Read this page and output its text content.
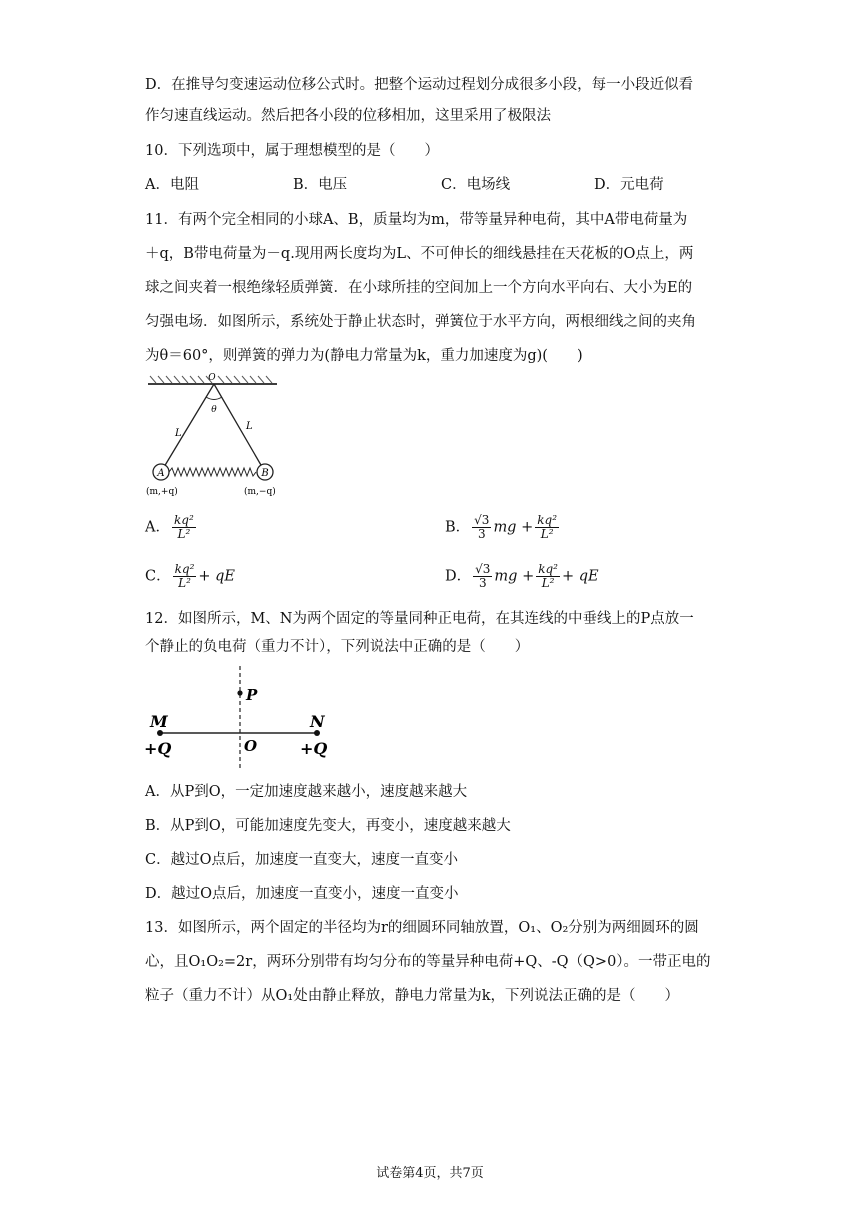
D．在推导匀变速运动位移公式时。把整个运动过程划分成很多小段，每一小段近似看
作匀速直线运动。然后把各小段的位移相加，这里采用了极限法
10．下列选项中，属于理想模型的是（　　）
A．电阻	B．电压	C．电场线	D．元电荷
11．有两个完全相同的小球A、B，质量均为m，带等量异种电荷，其中A带电荷量为
＋q，B带电荷量为－q.现用两长度均为L、不可伸长的细线悬挂在天花板的O点上，两
球之间夹着一根绝缘轻质弹簧．在小球所挂的空间加上一个方向水平向右、大小为E的
匀强电场．如图所示，系统处于静止状态时，弹簧位于水平方向，两根细线之间的夹角
为θ＝60°，则弹簧的弹力为(静电力常量为k，重力加速度为g)(　　)
O
θ
L
L
A	B
(m,+q)	(m,−q)
A． $\frac{\text{kq²}}{\text{L²}}$	B． $\frac{√3}{3}$ mg + $\frac{\text{kq²}}{\text{L²}}$
C． $\frac{\text{kq²}}{\text{L²}}$ + qE	D． $\frac{√3}{3}$ mg + $\frac{\text{kq²}}{\text{L²}}$ + qE
12．如图所示，M、N为两个固定的等量同种正电荷，在其连线的中垂线上的P点放一
个静止的负电荷（重力不计），下列说法中正确的是（　　）
P
M	N
O
+Q	+Q
A．从P到O，一定加速度越来越小，速度越来越大
B．从P到O，可能加速度先变大，再变小，速度越来越大
C．越过O点后，加速度一直变大，速度一直变小
D．越过O点后，加速度一直变小，速度一直变小
13．如图所示，两个固定的半径均为r的细圆环同轴放置，O₁、O₂分别为两细圆环的圆
心，且O₁O₂=2r，两环分别带有均匀分布的等量异种电荷+Q、-Q（Q>0）。一带正电的
粒子（重力不计）从O₁处由静止释放，静电力常量为k，下列说法正确的是（　　）
试卷第4页，共7页
